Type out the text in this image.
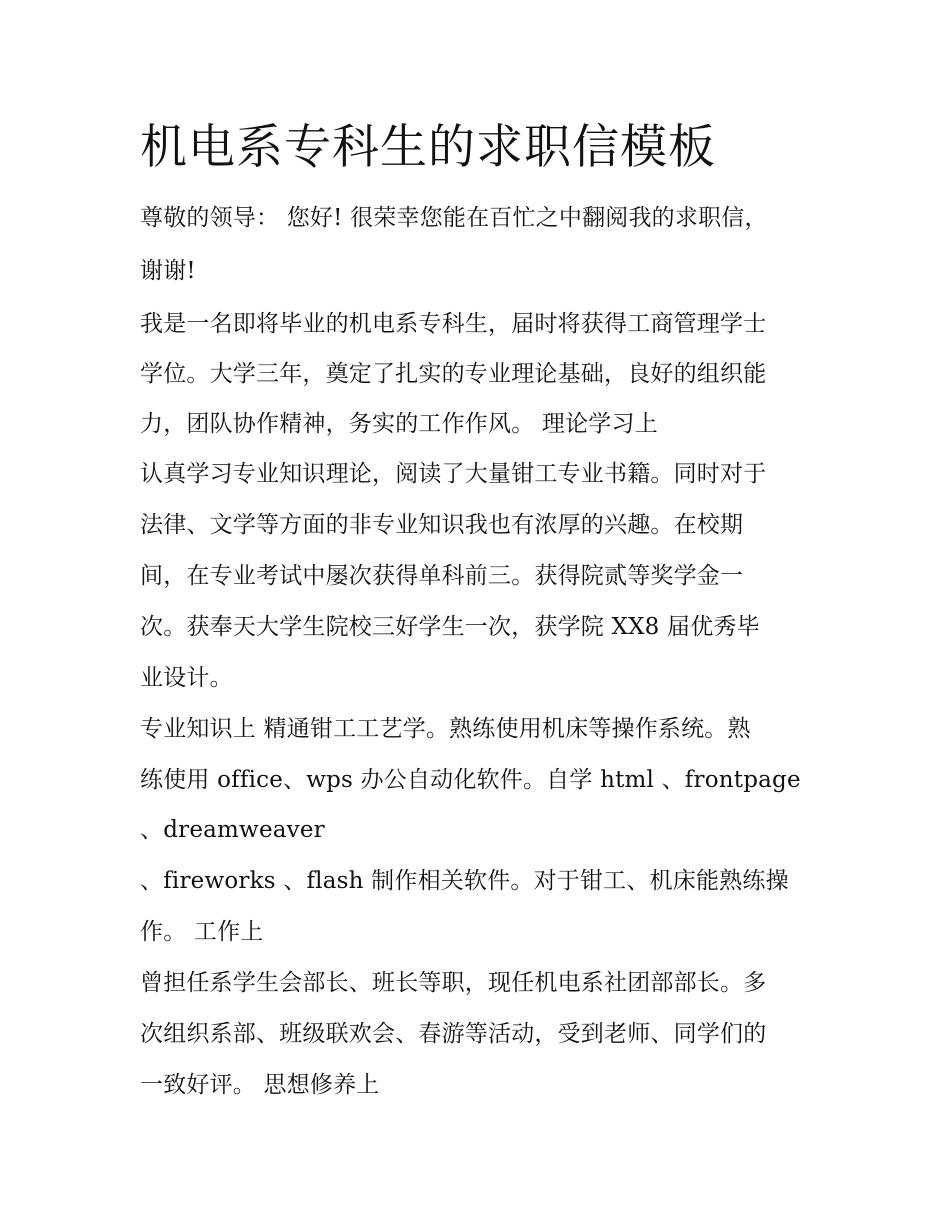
机电系专科生的求职信模板

尊敬的领导： 您好! 很荣幸您能在百忙之中翻阅我的求职信，

谢谢!

我是一名即将毕业的机电系专科生，届时将获得工商管理学士

学位。大学三年，奠定了扎实的专业理论基础，良好的组织能

力，团队协作精神，务实的工作作风。 理论学习上

认真学习专业知识理论，阅读了大量钳工专业书籍。同时对于

法律、文学等方面的非专业知识我也有浓厚的兴趣。在校期

间，在专业考试中屡次获得单科前三。获得院贰等奖学金一

次。获奉天大学生院校三好学生一次，获学院 XX8 届优秀毕

业设计。

专业知识上 精通钳工工艺学。熟练使用机床等操作系统。熟

练使用 office、wps 办公自动化软件。自学 html 、frontpage

、dreamweaver

、fireworks 、flash 制作相关软件。对于钳工、机床能熟练操

作。 工作上

曾担任系学生会部长、班长等职，现任机电系社团部部长。多

次组织系部、班级联欢会、春游等活动，受到老师、同学们的

一致好评。 思想修养上
